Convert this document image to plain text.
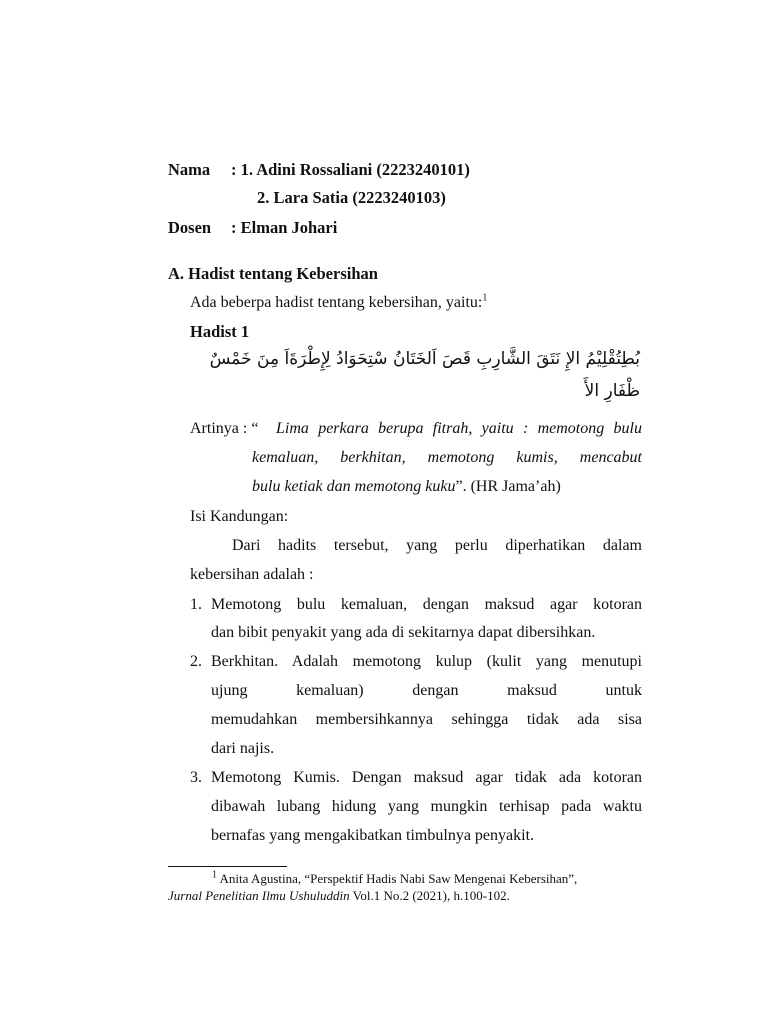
Nama : 1. Adini Rossaliani (2223240101)
2. Lara Satia (2223240103)
Dosen : Elman Johari
A. Hadist tentang Kebersihan
Ada beberpa hadist tentang kebersihan, yaitu:$^1$
Hadist 1
بُطِتُقْلِيْمُ الإِ نَتَقَ الشَّارِبِ قَصَ اَلخَتَانُ سْتِحَوَادُ لِإِطْرَةَاَ مِنَ خَمْسٌ
ظْفَارِ الأَ
Artinya : “ Lima perkara berupa fitrah, yaitu : memotong bulu
kemaluan, berkhitan, memotong kumis, mencabut
bulu ketiak dan memotong kuku”. (HR Jama’ah)
Isi Kandungan:
Dari hadits tersebut, yang perlu diperhatikan dalam
kebersihan adalah :
1. Memotong bulu kemaluan, dengan maksud agar kotoran
dan bibit penyakit yang ada di sekitarnya dapat dibersihkan.
2. Berkhitan. Adalah memotong kulup (kulit yang menutupi
ujung kemaluan) dengan maksud untuk
memudahkan membersihkannya sehingga tidak ada sisa
dari najis.
3. Memotong Kumis. Dengan maksud agar tidak ada kotoran
dibawah lubang hidung yang mungkin terhisap pada waktu
bernafas yang mengakibatkan timbulnya penyakit.
$^1$ Anita Agustina, “Perspektif Hadis Nabi Saw Mengenai Kebersihan”,
Jurnal Penelitian Ilmu Ushuluddin Vol.1 No.2 (2021), h.100-102.
